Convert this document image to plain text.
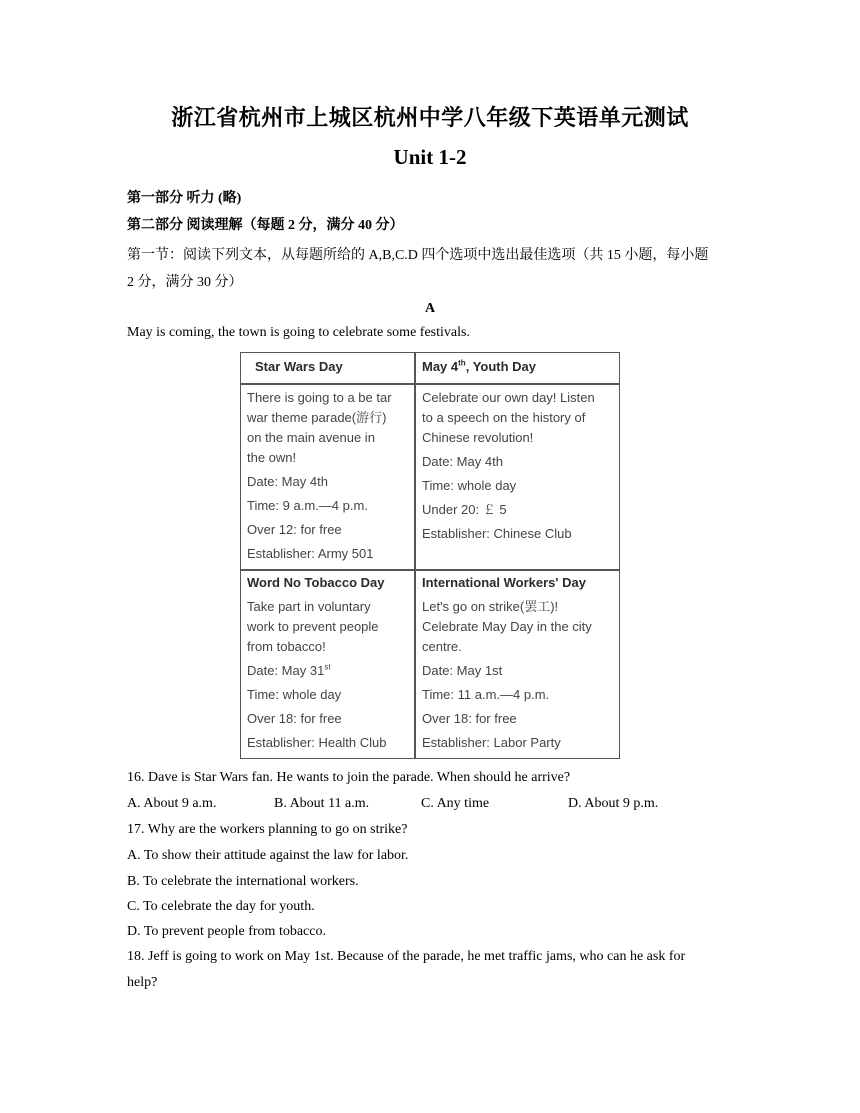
浙江省杭州市上城区杭州中学八年级下英语单元测试
Unit 1-2
第一部分 听力 (略)
第二部分 阅读理解（每题 2 分，满分 40 分）
第一节：阅读下列文本，从每题所给的 A,B,C.D 四个选项中选出最佳选项（共 15 小题，每小题
2 分，满分 30 分）
A
May is coming, the town is going to celebrate some festivals.
Star Wars Day

There is going to a be tar

war theme parade(游行)

on the main avenue in

the own!

Date: May 4th

Time: 9 a.m.—4 p.m.

Over 12: for free

Establisher: Army 501

May 4th, Youth Day

Celebrate our own day! Listen

to a speech on the history of

Chinese revolution!

Date: May 4th

Time: whole day

Under 20: ￡ 5

Establisher: Chinese Club

Word No Tobacco Day

Take part in voluntary

work to prevent people

from tobacco!

Date: May 31st

Time: whole day

Over 18: for free

Establisher: Health Club

International Workers' Day

Let's go on strike(罢工)!

Celebrate May Day in the city

centre.

Date: May 1st

Time: 11 a.m.—4 p.m.

Over 18: for free

Establisher: Labor Party

16. Dave is Star Wars fan. He wants to join the parade. When should he arrive?
A. About 9 a.m.	B. About 11 a.m.	C. Any time	D. About 9 p.m.
17. Why are the workers planning to go on strike?
A. To show their attitude against the law for labor.
B. To celebrate the international workers.
C. To celebrate the day for youth.
D. To prevent people from tobacco.
18. Jeff is going to work on May 1st. Because of the parade, he met traffic jams, who can he ask for
help?
